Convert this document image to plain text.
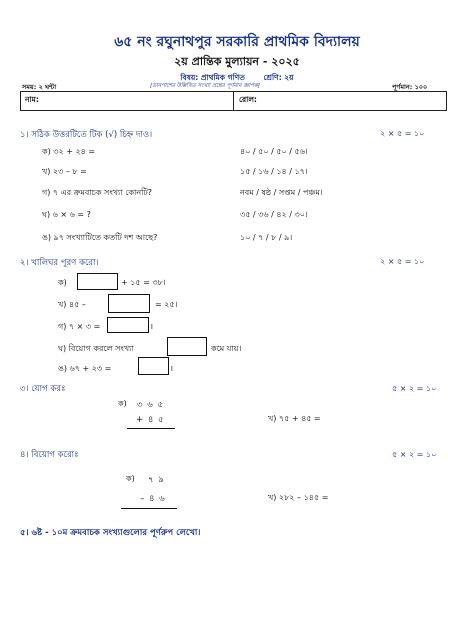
৬৫ নং রঘুনাথপুর সরকারি প্রাথমিক বিদ্যালয়
২য় প্রান্তিক মুল্যায়ন - ২০২৫
বিষয়: প্রাথমিক গণিত শ্রেণি: ২য়
সময়: ২ ঘন্টা	[ডানপাশের উল্লিখিত সংখ্যা প্রশ্নের পূর্ণমান জ্ঞাপক]	পূর্ণমান: ১০০
নাম:	রোল:
১। সঠিক উত্তরটিতে টিক (√) চিহ্ন দাও।	২ × ৫ = ১০
ক) ৩২ + ২৪ =	৪০ / ৫০ / ৫০ / ৫৬।
খ) ২৩ – ৮ =	১৫ / ১৬ / ১৪ / ১৭।
গ) ৭ এর ক্রমবাচক সংখ্যা কোনটি?	নবম / ষষ্ঠ / সপ্তম / পঞ্চম।
ঘ) ৬ × ৬ = ?	৩৫ / ৩৬ / ৪২ / ৩০।
ঙ) ৯৭ সংখ্যাটিতে কতটি দশ আছে?	১০ / ৭ / ৮ / ৯।
২। খালিঘর পূরণ করো।	২ × ৫ = ১০
ক)	+ ১৫ = ৩৮।
খ) ৪৫ –	= ২৫।
গ) ৭ × ৩ =	।
ঘ) বিয়োগ করলে সংখ্যা	কমে যায়।
ঙ) ৬৭ + ২৩ =	।
৩। যোগ করঃ	৫ × ২ = ১০
ক) ৩ ৬ ৫
+ ৪ ৫	খ) ৭৫ + ৪৫ =
৪। বিয়োগ করোঃ	৫ × ২ = ১০
ক) ৭ ৯
– ৪ ৬	খ) ২৮২ – ১৪৫ =
৫। ৬ষ্ট - ১০ম ক্রমবাচক সংখ্যাগুলোর পূর্ণরুপ লেখো।
